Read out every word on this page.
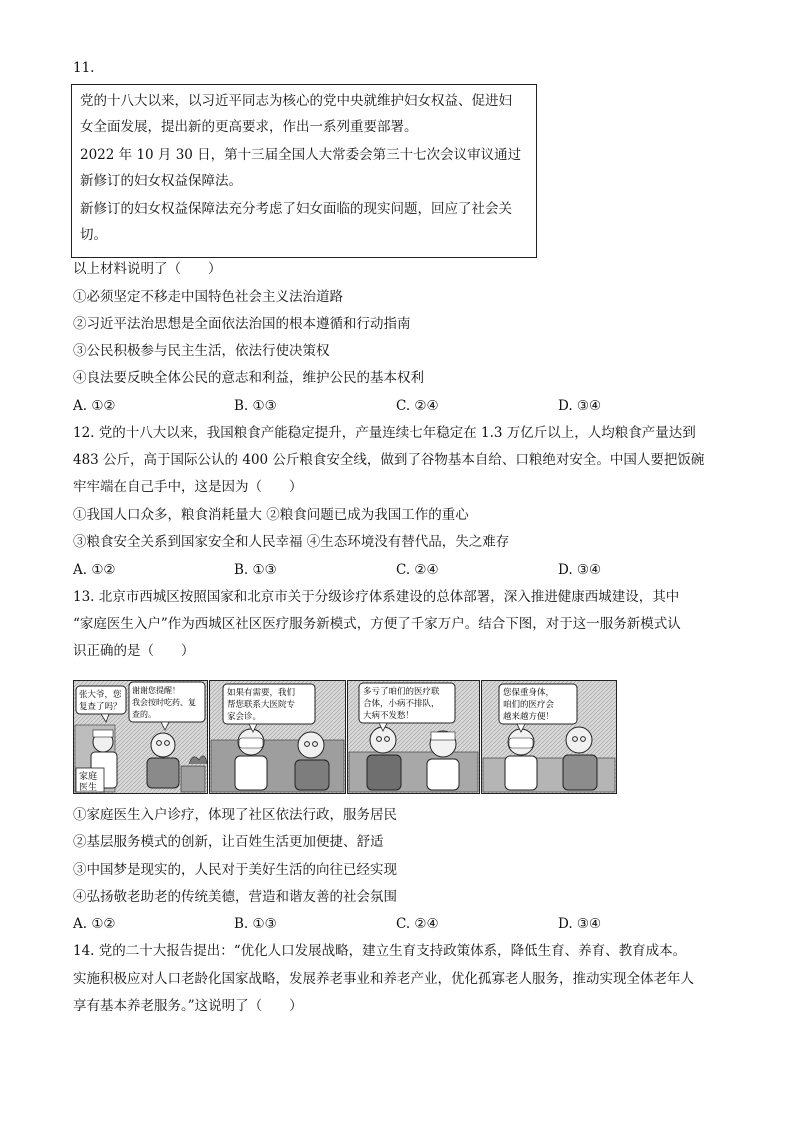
11.
党的十八大以来，以习近平同志为核心的党中央就维护妇女权益、促进妇
女全面发展，提出新的更高要求，作出一系列重要部署。
2022 年 10 月 30 日，第十三届全国人大常委会第三十七次会议审议通过
新修订的妇女权益保障法。
新修订的妇女权益保障法充分考虑了妇女面临的现实问题，回应了社会关
切。
以上材料说明了（　　）
①必须坚定不移走中国特色社会主义法治道路
②习近平法治思想是全面依法治国的根本遵循和行动指南
③公民积极参与民主生活，依法行使决策权
④良法要反映全体公民的意志和利益，维护公民的基本权利
A. ①②	B. ①③	C. ②④	D. ③④
12. 党的十八大以来，我国粮食产能稳定提升，产量连续七年稳定在 1.3 万亿斤以上，人均粮食产量达到
483 公斤，高于国际公认的 400 公斤粮食安全线，做到了谷物基本自给、口粮绝对安全。中国人要把饭碗
牢牢端在自己手中，这是因为（　　）
①我国人口众多，粮食消耗量大 ②粮食问题已成为我国工作的重心
③粮食安全关系到国家安全和人民幸福 ④生态环境没有替代品，失之难存
A. ①②	B. ①③	C. ②④	D. ③④
13. 北京市西城区按照国家和北京市关于分级诊疗体系建设的总体部署，深入推进健康西城建设，其中
“家庭医生入户”作为西城区社区医疗服务新模式，方便了千家万户。结合下图，对于这一服务新模式认
识正确的是（　　）
张大爷，您
复查了吗？
谢谢您提醒！
我会按时吃药、复
查的。
家庭
医生
如果有需要，我们
帮您联系大医院专
家会诊。
多亏了咱们的医疗联
合体，小病不排队，
大病不发愁！
您保重身体，
咱们的医疗会
越来越方便！
①家庭医生入户诊疗，体现了社区依法行政，服务居民
②基层服务模式的创新，让百姓生活更加便捷、舒适
③中国梦是现实的，人民对于美好生活的向往已经实现
④弘扬敬老助老的传统美德，营造和谐友善的社会氛围
A. ①②	B. ①③	C. ②④	D. ③④
14. 党的二十大报告提出：“优化人口发展战略，建立生育支持政策体系，降低生育、养育、教育成本。
实施积极应对人口老龄化国家战略，发展养老事业和养老产业，优化孤寡老人服务，推动实现全体老年人
享有基本养老服务。”这说明了（　　）
